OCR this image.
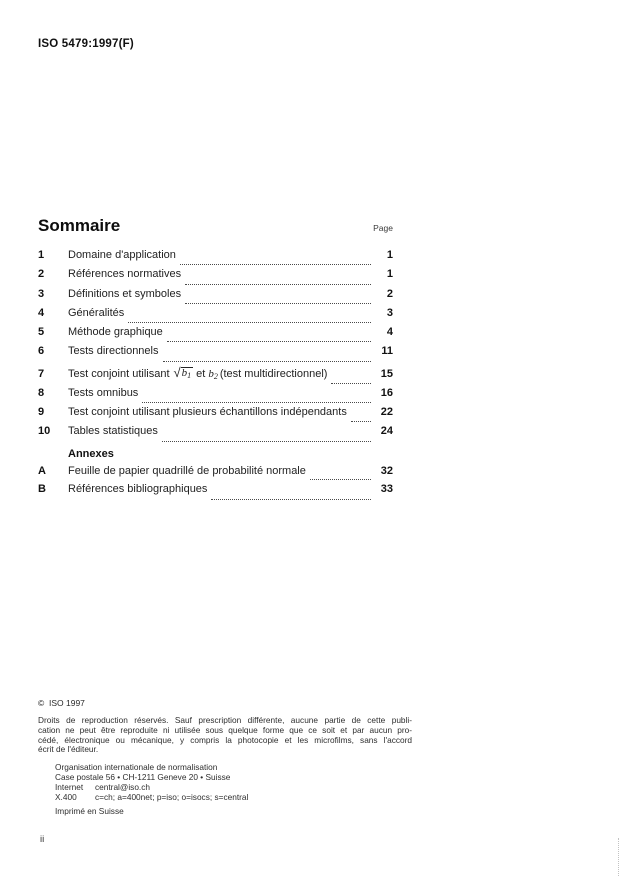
ISO 5479:1997(F)
Sommaire	Page
1	Domaine d'application	1
2	Références normatives	1
3	Définitions et symboles	2
4	Généralités	3
5	Méthode graphique	4
6	Tests directionnels	11
7	Test conjoint utilisant √ b1 et b2 (test multidirectionnel)	15
8	Tests omnibus	16
9	Test conjoint utilisant plusieurs échantillons indépendants	22
10	Tables statistiques	24
Annexes
A	Feuille de papier quadrillé de probabilité normale	32
B	Références bibliographiques	33
©  ISO 1997
Droits de reproduction réservés. Sauf prescription différente, aucune partie de cette publi-
cation ne peut être reproduite ni utilisée sous quelque forme que ce soit et par aucun pro-
cédé, électronique ou mécanique, y compris la photocopie et les microfilms, sans l'accord
écrit de l'éditeur.
Organisation internationale de normalisation
Case postale 56 • CH-1211 Geneve 20 • Suisse
Internet	central@iso.ch
X.400	c=ch; a=400net; p=iso; o=isocs; s=central
Imprimé en Suisse
ii
